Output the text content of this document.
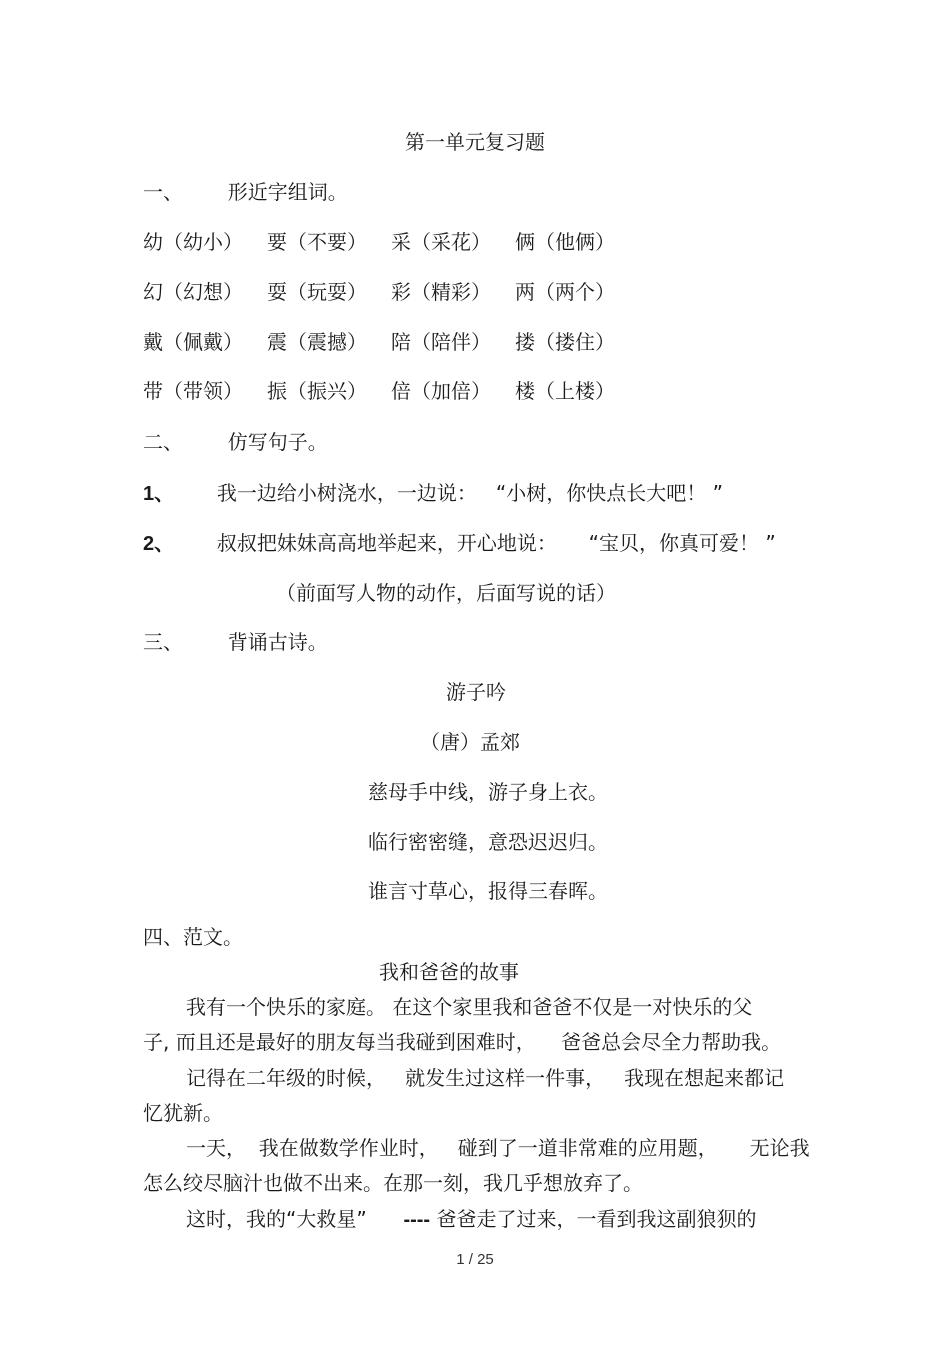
第一单元复习题
一、 形近字组词。
幼（幼小） 要（不要） 采（采花） 俩（他俩）
幻（幻想） 耍（玩耍） 彩（精彩） 两（两个）
戴（佩戴） 震（震撼） 陪（陪伴） 搂（搂住）
带（带领） 振（振兴） 倍（加倍） 楼（上楼）
二、 仿写句子。
1、 我一边给小树浇水，一边说：   “小树，你快点长大吧！ ”
2、 叔叔把妹妹高高地举起来，开心地说：     “宝贝，你真可爱！ ”
（前面写人物的动作，后面写说的话）
三、 背诵古诗。
游子吟
（唐）孟郊
慈母手中线，游子身上衣。
临行密密缝，意恐迟迟归。
谁言寸草心，报得三春晖。
四、范文。
我和爸爸的故事
我有一个快乐的家庭。 在这个家里我和爸爸不仅是一对快乐的父
子, 而且还是最好的朋友每当我碰到困难时，    爸爸总会尽全力帮助我。
记得在二年级的时候，   就发生过这样一件事，   我现在想起来都记
忆犹新。
一天，  我在做数学作业时，   碰到了一道非常难的应用题，     无论我
怎么绞尽脑汁也做不出来。在那一刻，我几乎想放弃了。
这时，我的“大救星” ---- 爸爸走了过来，一看到我这副狼狈的
1 / 25
